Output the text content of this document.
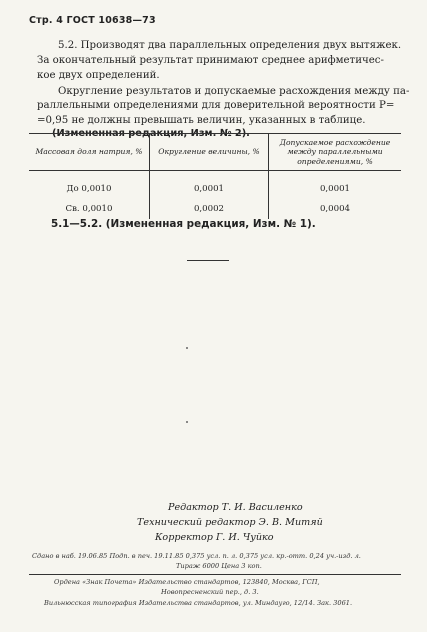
Стр. 4 ГОСТ 10638—73
5.2. Производят два параллельных определения двух вытяжек.
За окончательный результат принимают среднее арифметичес-
кое двух определений.
Округление результатов и допускаемые расхождения между па-
раллельными определениями для доверительной вероятности P=
=0,95 не должны превышать величин, указанных в таблице.
(Измененная редакция, Изм. № 2).
Массовая доля натрия, %	Округление величины, %	Допускаемое расхождение между параллельными определениями, %

До 0,0010	0,0001	0,0001
Св. 0,0010	0,0002	0,0004
5.1—5.2. (Измененная редакция, Изм. № 1).
Редактор Т. И. Василенко
Технический редактор Э. В. Митяй
Корректор Г. И. Чуйко
Сдано в наб. 19.06.85 Подп. в печ. 19.11.85 0,375 усл. п. л. 0,375 усл. кр.-отт. 0,24 уч.-изд. л.
Тираж 6000 Цена 3 коп.
Ордена «Знак Почета» Издательство стандартов, 123840, Москва, ГСП,
Новопресненский пер., д. 3.
Вильнюсская типография Издательства стандартов, ул. Миндауго, 12/14. Зак. 3061.
